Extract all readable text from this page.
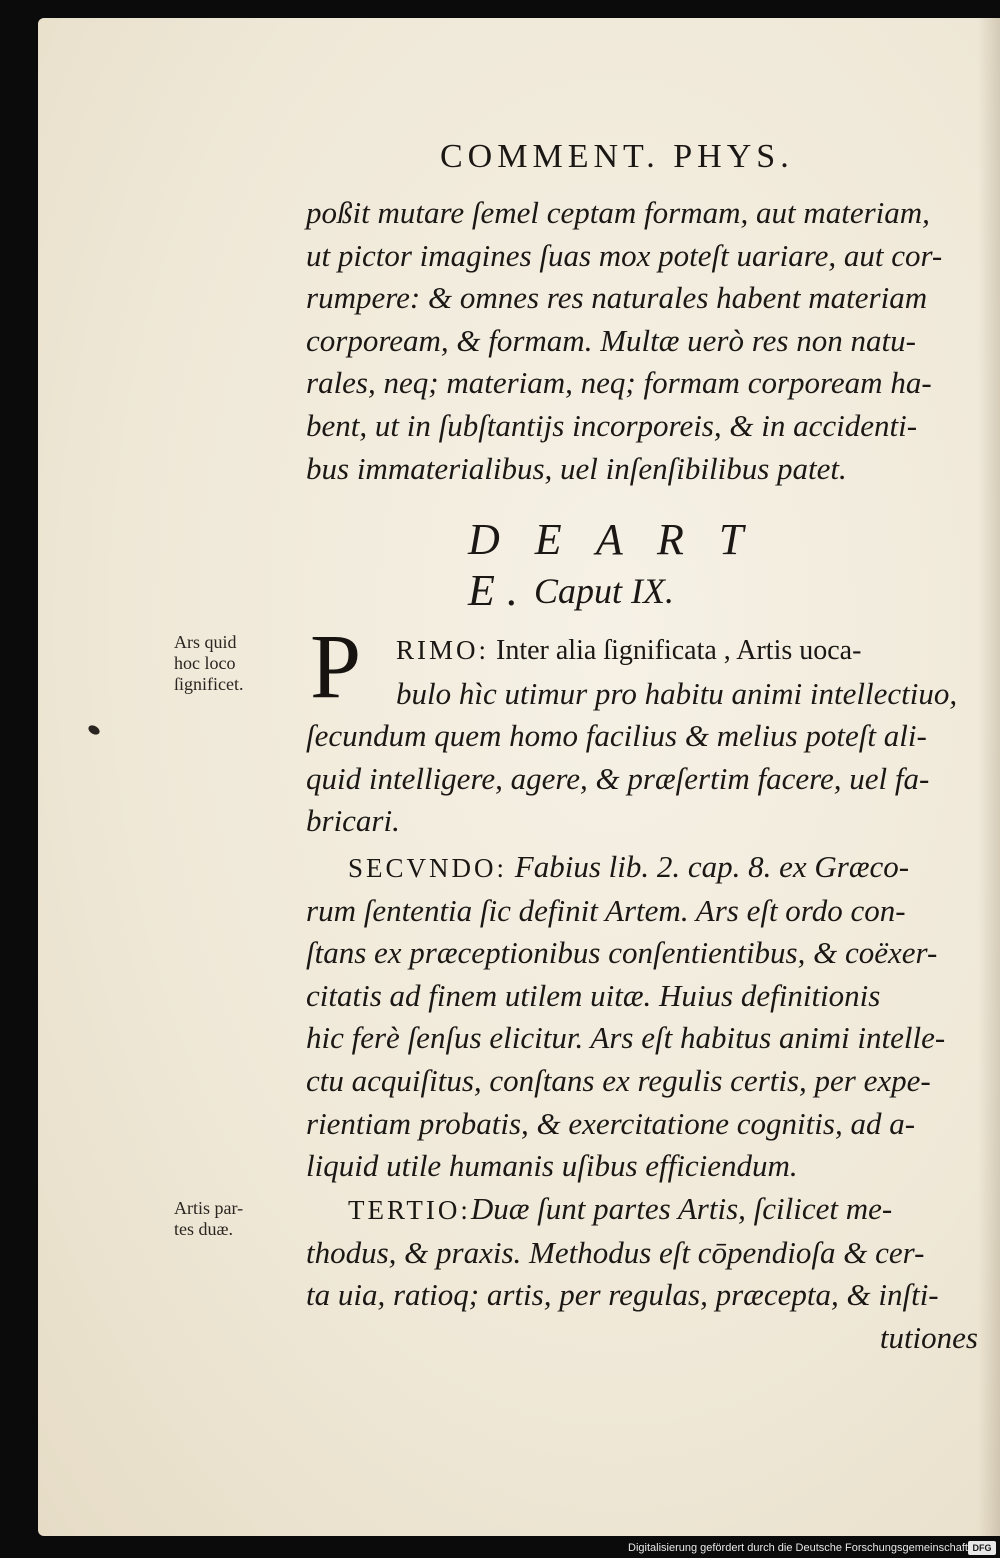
COMMENT. PHYS.
poßit mutare ſemel ceptam formam, aut materiam,
ut pictor imagines ſuas mox poteſt uariare, aut cor-
rumpere: & omnes res naturales habent materiam
corpoream, & formam. Multæ uerò res non natu-
rales, neq; materiam, neq; formam corpoream ha-
bent, ut in ſubſtantijs incorporeis, & in accidenti-
bus immaterialibus, uel inſenſibilibus patet.
D E A R T E. Caput IX.
Ars quid
hoc loco
ſignificet. P	RIMO: Inter alia ſignificata , Artis uoca-
bulo hìc utimur pro habitu animi intellectiuo,
ſecundum quem homo facilius & melius poteſt ali-
quid intelligere, agere, & præſertim facere, uel fa-
bricari.
SECVNDO: Fabius lib. 2. cap. 8. ex Græco-
rum ſententia ſic definit Artem. Ars eſt ordo con-
ſtans ex præceptionibus conſentientibus, & coëxer-
citatis ad finem utilem uitæ. Huius definitionis
hic ferè ſenſus elicitur. Ars eſt habitus animi intelle-
ctu acquiſitus, conſtans ex regulis certis, per expe-
rientiam probatis, & exercitatione cognitis, ad a-
liquid utile humanis uſibus efficiendum.
Artis par-
tes duæ.
TERTIO:Duæ ſunt partes Artis, ſcilicet me-
thodus, & praxis. Methodus eſt cōpendioſa & cer-
ta uia, ratioq; artis, per regulas, præcepta, & inſti-
tutiones
Digitalisierung gefördert durch die Deutsche Forschungsgemeinschaft DFG
